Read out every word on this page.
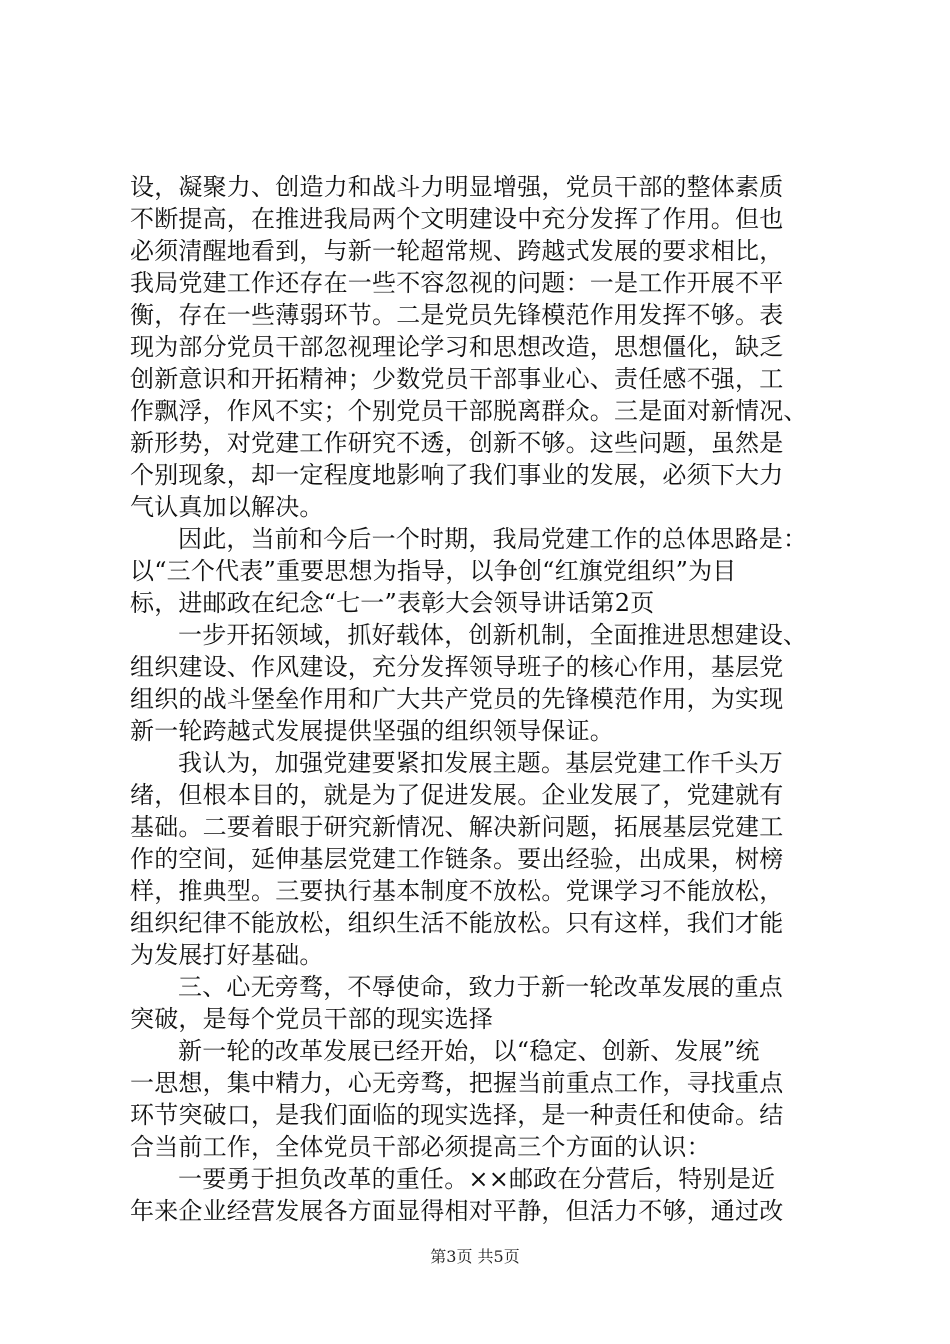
设，凝聚力、创造力和战斗力明显增强，党员干部的整体素质
不断提高，在推进我局两个文明建设中充分发挥了作用。但也
必须清醒地看到，与新一轮超常规、跨越式发展的要求相比，
我局党建工作还存在一些不容忽视的问题：一是工作开展不平
衡，存在一些薄弱环节。二是党员先锋模范作用发挥不够。表
现为部分党员干部忽视理论学习和思想改造，思想僵化，缺乏
创新意识和开拓精神；少数党员干部事业心、责任感不强，工
作飘浮，作风不实；个别党员干部脱离群众。三是面对新情况、
新形势，对党建工作研究不透，创新不够。这些问题，虽然是
个别现象，却一定程度地影响了我们事业的发展，必须下大力
气认真加以解决。
因此，当前和今后一个时期，我局党建工作的总体思路是：
以“三个代表”重要思想为指导，以争创“红旗党组织”为目
标，进邮政在纪念“七一”表彰大会领导讲话第2页
一步开拓领域，抓好载体，创新机制，全面推进思想建设、
组织建设、作风建设，充分发挥领导班子的核心作用，基层党
组织的战斗堡垒作用和广大共产党员的先锋模范作用，为实现
新一轮跨越式发展提供坚强的组织领导保证。
我认为，加强党建要紧扣发展主题。基层党建工作千头万
绪，但根本目的，就是为了促进发展。企业发展了，党建就有
基础。二要着眼于研究新情况、解决新问题，拓展基层党建工
作的空间，延伸基层党建工作链条。要出经验，出成果，树榜
样，推典型。三要执行基本制度不放松。党课学习不能放松，
组织纪律不能放松，组织生活不能放松。只有这样，我们才能
为发展打好基础。
三、心无旁骛，不辱使命，致力于新一轮改革发展的重点
突破，是每个党员干部的现实选择
新一轮的改革发展已经开始，以“稳定、创新、发展”统
一思想，集中精力，心无旁骛，把握当前重点工作，寻找重点
环节突破口，是我们面临的现实选择，是一种责任和使命。结
合当前工作，全体党员干部必须提高三个方面的认识：
一要勇于担负改革的重任。××邮政在分营后，特别是近
年来企业经营发展各方面显得相对平静，但活力不够，通过改
第3页 共5页
